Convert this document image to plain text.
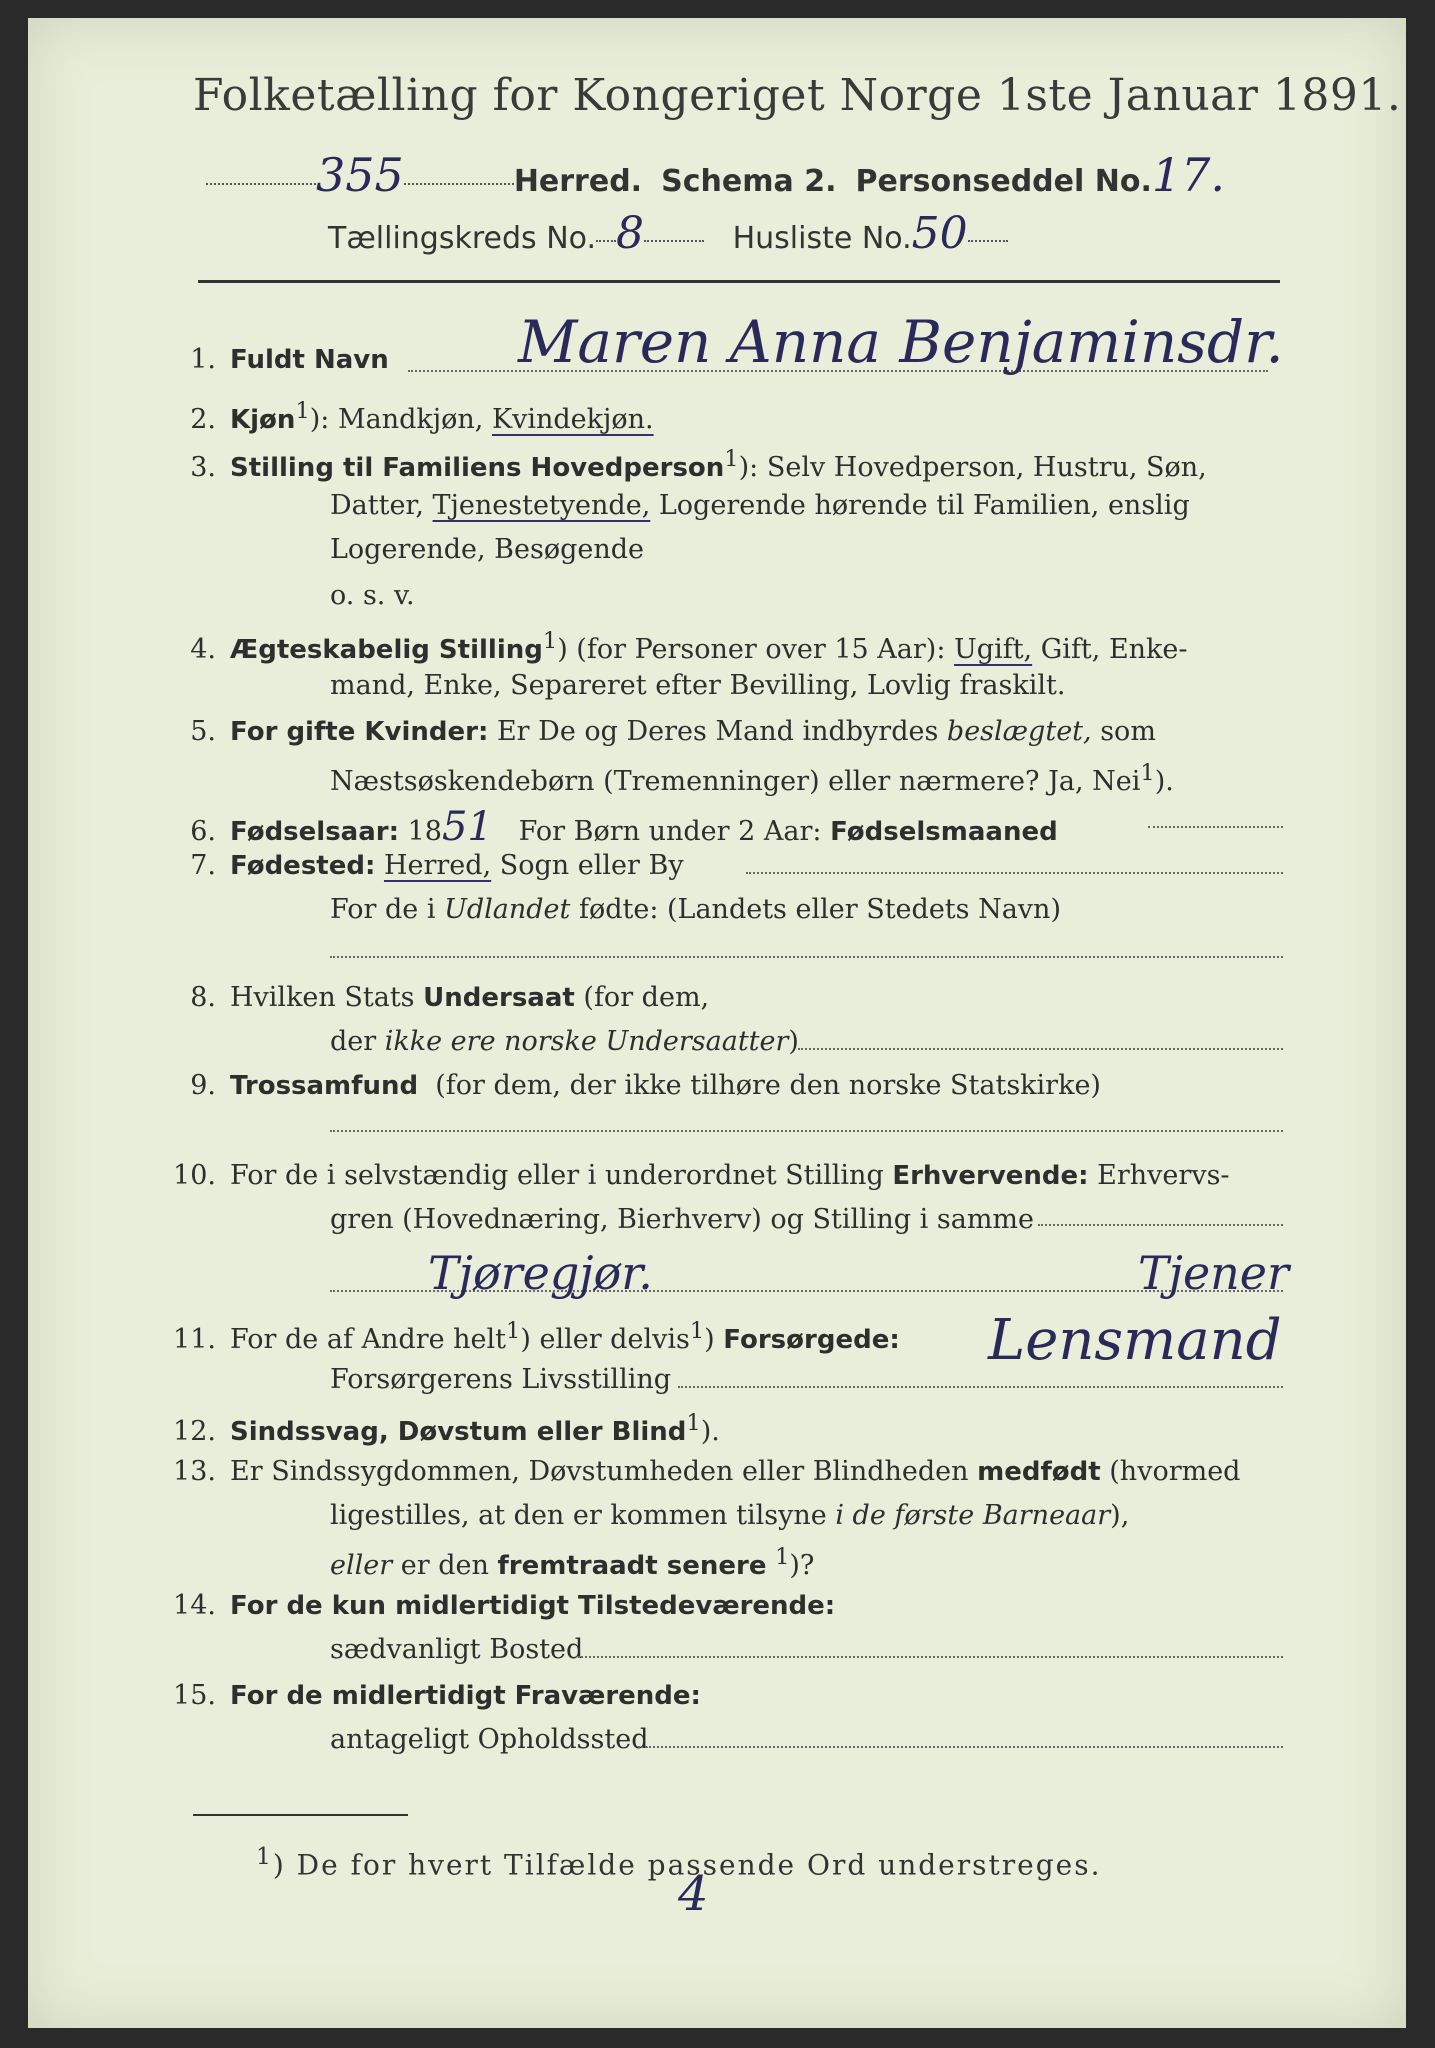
Folketælling for Kongeriget Norge 1ste Januar 1891.
355	Herred. Schema 2. Personseddel No.17.
Tællingskreds No. 8	Husliste No.50
1. Fuldt Navn Maren Anna Benjaminsdr.
2. Kjøn$^1$): Mandkjøn, Kvindekjøn.
3. Stilling til Familiens Hovedperson$^1$): Selv Hovedperson, Hustru, Søn,
Datter, Tjenestetyende, Logerende hørende til Familien, enslig
Logerende, Besøgende
o. s. v.
4. Ægteskabelig Stilling$^1$) (for Personer over 15 Aar): Ugift, Gift, Enke-
mand, Enke, Separeret efter Bevilling, Lovlig fraskilt.
5. For gifte Kvinder: Er De og Deres Mand indbyrdes beslægtet, som
Næstsøskendebørn (Tremenninger) eller nærmere? Ja, Nei$^1$).
6. Fødselsaar: 1851 For Børn under 2 Aar: Fødselsmaaned
7. Fødested: Herred, Sogn eller By
For de i Udlandet fødte: (Landets eller Stedets Navn)
8. Hvilken Stats Undersaat (for dem,
der ikke ere norske Undersaatter)
9. Trossamfund (for dem, der ikke tilhøre den norske Statskirke)
10. For de i selvstændig eller i underordnet Stilling Erhvervende: Erhvervs-
gren (Hovednæring, Bierhverv) og Stilling i samme
Tjøregjør.	Tjener
11. For de af Andre helt$^1$) eller delvis$^1$) Forsørgede:
Forsørgerens Livsstilling
Lensmand
12. Sindssvag, Døvstum eller Blind$^1$).
13. Er Sindssygdommen, Døvstumheden eller Blindheden medfødt (hvormed
ligestilles, at den er kommen tilsyne i de første Barneaar),
eller er den fremtraadt senere $^1$)?
14. For de kun midlertidigt Tilstedeværende:
sædvanligt Bosted
15. For de midlertidigt Fraværende:
antageligt Opholdssted
$^1$) De for hvert Tilfælde passende Ord understreges.
4
